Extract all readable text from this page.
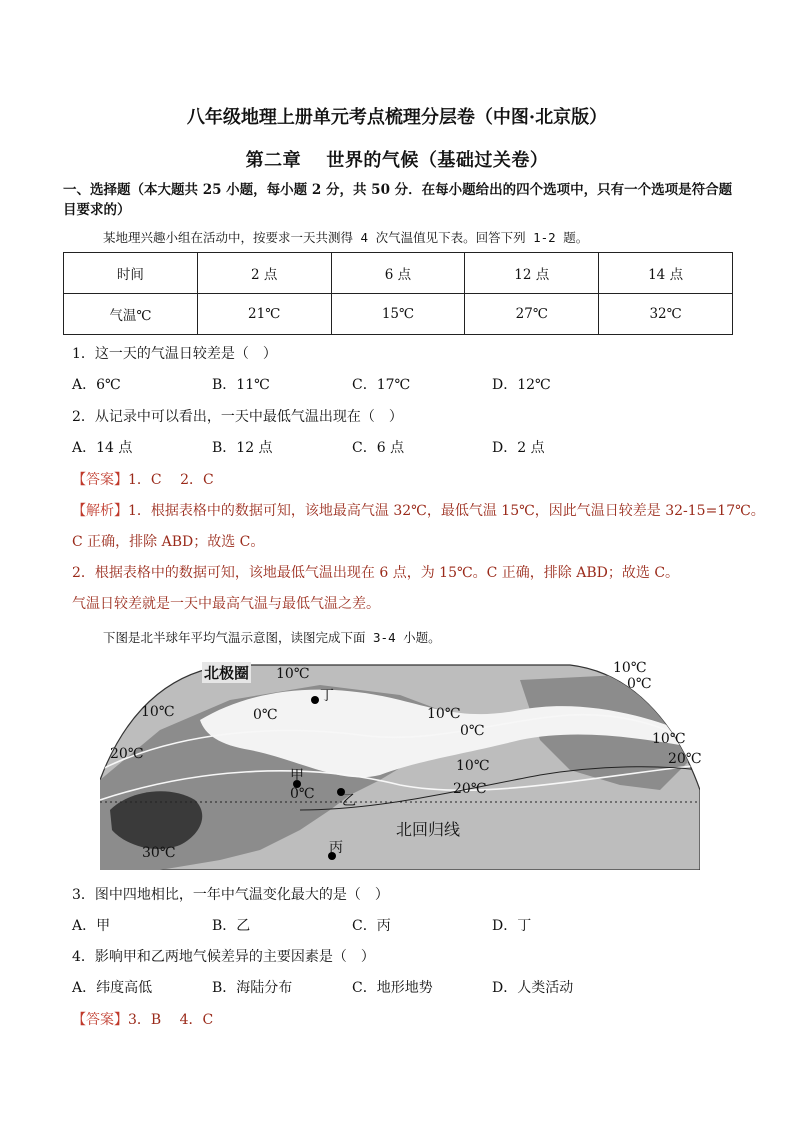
八年级地理上册单元考点梳理分层卷（中图·北京版）
第二章　 世界的气候（基础过关卷）
一、选择题（本大题共 25 小题，每小题 2 分，共 50 分．在每小题给出的四个选项中，只有一个选项是符合题目要求的）
某地理兴趣小组在活动中，按要求一天共测得 4 次气温值见下表。回答下列 1-2 题。
时间	2 点	6 点	12 点	14 点
气温℃	21℃	15℃	27℃	32℃
1．这一天的气温日较差是（　）
A．6℃	B．11℃	C．17℃	D．12℃
2．从记录中可以看出，一天中最低气温出现在（　）
A．14 点	B．12 点	C．6 点	D．2 点
【答案】1．C　 2．C
【解析】1．根据表格中的数据可知，该地最高气温 32℃，最低气温 15℃，因此气温日较差是 32-15=17℃。
C 正确，排除 ABD；故选 C。
2．根据表格中的数据可知，该地最低气温出现在 6 点，为 15℃。C 正确，排除 ABD；故选 C。
气温日较差就是一天中最高气温与最低气温之差。
下图是北半球年平均气温示意图，读图完成下面 3-4 小题。
北极圈 10℃
丁
10℃	0℃
20℃
10℃
0℃
10℃
0℃
10℃
20℃
10℃
20℃
甲
0℃ 乙
北回归线
丙
30℃
3．图中四地相比，一年中气温变化最大的是（　）
A．甲	B．乙	C．丙	D．丁
4．影响甲和乙两地气候差异的主要因素是（　）
A．纬度高低	B．海陆分布	C．地形地势	D．人类活动
【答案】3．B　 4．C
